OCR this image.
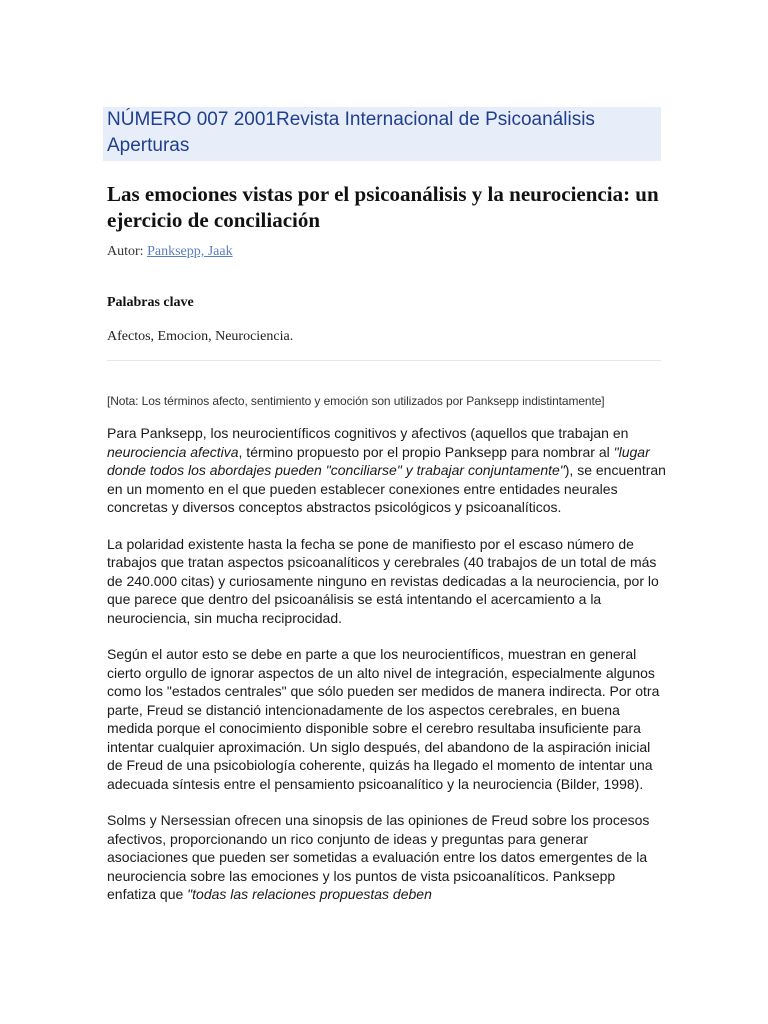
NÚMERO 007 2001Revista Internacional de Psicoanálisis Aperturas
Las emociones vistas por el psicoanálisis y la neurociencia: un ejercicio de conciliación
Autor: Panksepp, Jaak
Palabras clave
Afectos, Emocion, Neurociencia.
[Nota: Los términos afecto, sentimiento y emoción son utilizados por Panksepp indistintamente]

Para Panksepp, los neurocientíficos cognitivos y afectivos (aquellos que trabajan en neurociencia afectiva, término propuesto por el propio Panksepp para nombrar al "lugar donde todos los abordajes pueden "conciliarse" y trabajar conjuntamente"), se encuentran en un momento en el que pueden establecer conexiones entre entidades neurales concretas y diversos conceptos abstractos psicológicos y psicoanalíticos.

La polaridad existente hasta la fecha se pone de manifiesto por el escaso número de trabajos que tratan aspectos psicoanalíticos y cerebrales (40 trabajos de un total de más de 240.000 citas) y curiosamente ninguno en revistas dedicadas a la neurociencia, por lo que parece que dentro del psicoanálisis se está intentando el acercamiento a la neurociencia, sin mucha reciprocidad.

Según el autor esto se debe en parte a que los neurocientíficos, muestran en general cierto orgullo de ignorar aspectos de un alto nivel de integración, especialmente algunos como los "estados centrales" que sólo pueden ser medidos de manera indirecta. Por otra parte, Freud se distanció intencionadamente de los aspectos cerebrales, en buena medida porque el conocimiento disponible sobre el cerebro resultaba insuficiente para intentar cualquier aproximación. Un siglo después, del abandono de la aspiración inicial de Freud de una psicobiología coherente, quizás ha llegado el momento de intentar una adecuada síntesis entre el pensamiento psicoanalítico y la neurociencia (Bilder, 1998).

Solms y Nersessian ofrecen una sinopsis de las opiniones de Freud sobre los procesos afectivos, proporcionando un rico conjunto de ideas y preguntas para generar asociaciones que pueden ser sometidas a evaluación entre los datos emergentes de la neurociencia sobre las emociones y los puntos de vista psicoanalíticos. Panksepp enfatiza que "todas las relaciones propuestas deben
